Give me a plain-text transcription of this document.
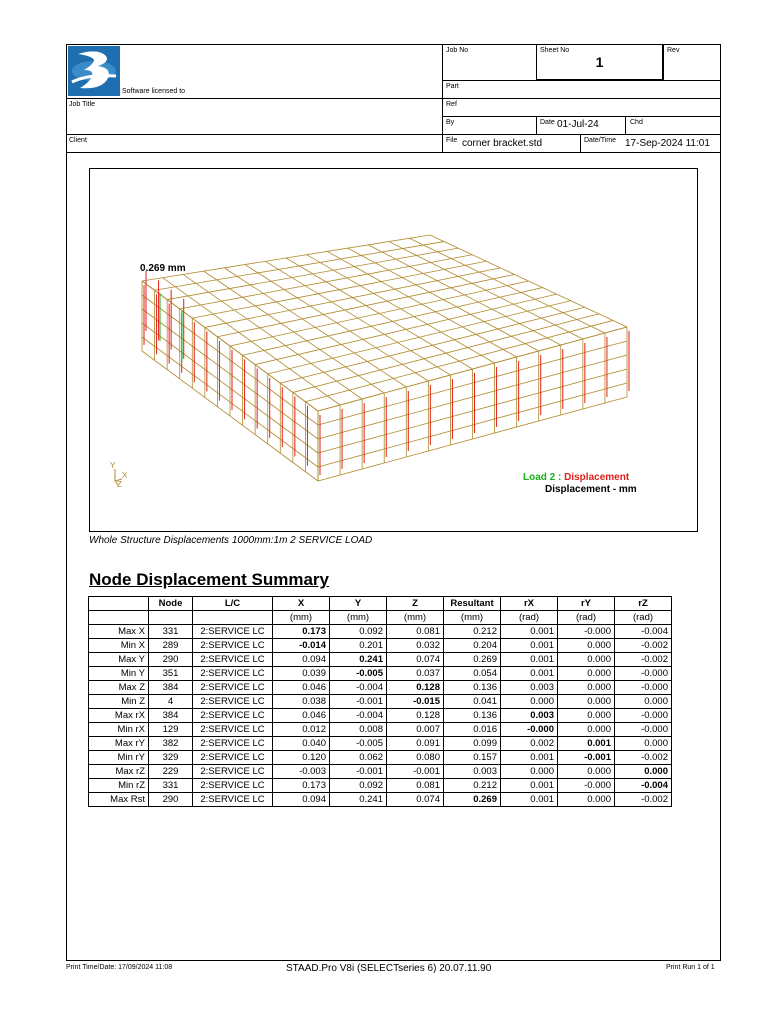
Software licensed to
Job Title
Client
Job No	Sheet No
1
Rev
Part
Ref
By	Date 01-Jul-24	Chd
File corner bracket.std	Date/Time 17-Sep-2024 11:01
0.269 mm
Load 2 : Displacement
Displacement - mm
Y
X
Z
Whole Structure Displacements 1000mm:1m 2 SERVICE LOAD
Node Displacement Summary
	Node	L/C	X	Y	Z	Resultant	rX	rY	rZ
			(mm)	(mm)	(mm)	(mm)	(rad)	(rad)	(rad)
Max X	331	2:SERVICE LC	0.173	0.092	0.081	0.212	0.001	-0.000	-0.004
Min X	289	2:SERVICE LC	-0.014	0.201	0.032	0.204	0.001	0.000	-0.002
Max Y	290	2:SERVICE LC	0.094	0.241	0.074	0.269	0.001	0.000	-0.002
Min Y	351	2:SERVICE LC	0.039	-0.005	0.037	0.054	0.001	0.000	-0.000
Max Z	384	2:SERVICE LC	0.046	-0.004	0.128	0.136	0.003	0.000	-0.000
Min Z	4	2:SERVICE LC	0.038	-0.001	-0.015	0.041	0.000	0.000	0.000
Max rX	384	2:SERVICE LC	0.046	-0.004	0.128	0.136	0.003	0.000	-0.000
Min rX	129	2:SERVICE LC	0.012	0.008	0.007	0.016	-0.000	0.000	-0.000
Max rY	382	2:SERVICE LC	0.040	-0.005	0.091	0.099	0.002	0.001	0.000
Min rY	329	2:SERVICE LC	0.120	0.062	0.080	0.157	0.001	-0.001	-0.002
Max rZ	229	2:SERVICE LC	-0.003	-0.001	-0.001	0.003	0.000	0.000	0.000
Min rZ	331	2:SERVICE LC	0.173	0.092	0.081	0.212	0.001	-0.000	-0.004
Max Rst	290	2:SERVICE LC	0.094	0.241	0.074	0.269	0.001	0.000	-0.002
Print Time/Date: 17/09/2024 11:08	STAAD.Pro V8i (SELECTseries 6) 20.07.11.90	Print Run 1 of 1
